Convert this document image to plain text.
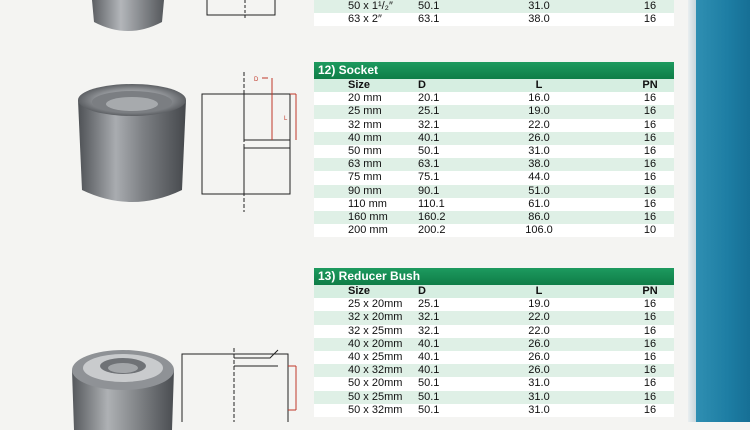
50 x 1¹/₂″	50.1	31.0	16
63 x 2″	63.1	38.0	16
D
L
12) Socket
Size	D	L	PN
20 mm	20.1	16.0	16
25 mm	25.1	19.0	16
32 mm	32.1	22.0	16
40 mm	40.1	26.0	16
50 mm	50.1	31.0	16
63 mm	63.1	38.0	16
75 mm	75.1	44.0	16
90 mm	90.1	51.0	16
110 mm	110.1	61.0	16
160 mm	160.2	86.0	16
200 mm	200.2	106.0	10
13) Reducer Bush
Size	D	L	PN
25 x 20mm	25.1	19.0	16
32 x 20mm	32.1	22.0	16
32 x 25mm	32.1	22.0	16
40 x 20mm	40.1	26.0	16
40 x 25mm	40.1	26.0	16
40 x 32mm	40.1	26.0	16
50 x 20mm	50.1	31.0	16
50 x 25mm	50.1	31.0	16
50 x 32mm	50.1	31.0	16
